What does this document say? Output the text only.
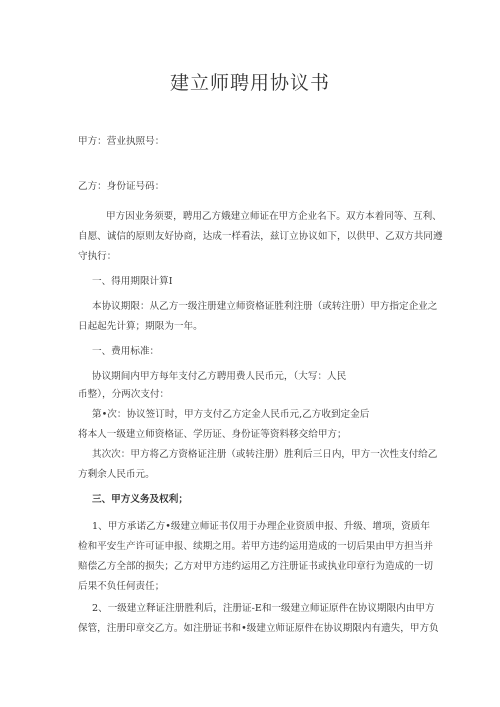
建立师聘用协议书
甲方：营业执照号：
乙方：身份证号码：
甲方因业务须要，聘用乙方娥建立师证在甲方企业名下。双方本着同等、互利、
自愿、诚信的原则友好协商，达成一样看法，兹订立协议如下，以供甲、乙双方共同遵
守执行：
一、得用期限计算I
本协议期限：从乙方一级注册建立师资格证胜利注册（或转注册）甲方指定企业之
日起起先计算；期限为一年。
一、费用标准：
协议期间内甲方每年支付乙方聘用费人民币元，（大写：人民
币整），分两次支付：
第•次：协议签订时，甲方支付乙方定金人民币元,乙方收到定金后
将本人一级建立师资格证、学历证、身份证等资料移交给甲方；
其次次：甲方将乙方资格证注册（或转注册）胜利后三日内，甲方一次性支付给乙
方剩余人民币元。
三、甲方义务及权利；
1、甲方承诺乙方•级建立师证书仅用于办理企业资质申报、升级、增项，资质年
检和平安生产许可证申报、续期之用。若甲方违约运用造成的一切后果由甲方担当并
赔偿乙方全部的损失；乙方对甲方违约运用乙方注册证书或执业印章行为造成的一切
后果不负任何责任；
2、一级建立释证注册胜利后，注册证-E和一级建立师证原件在协议期限内由甲方
保管，注册印章交乙方。如注册证书和•级建立师证原件在协议期限内有遗失，甲方负
